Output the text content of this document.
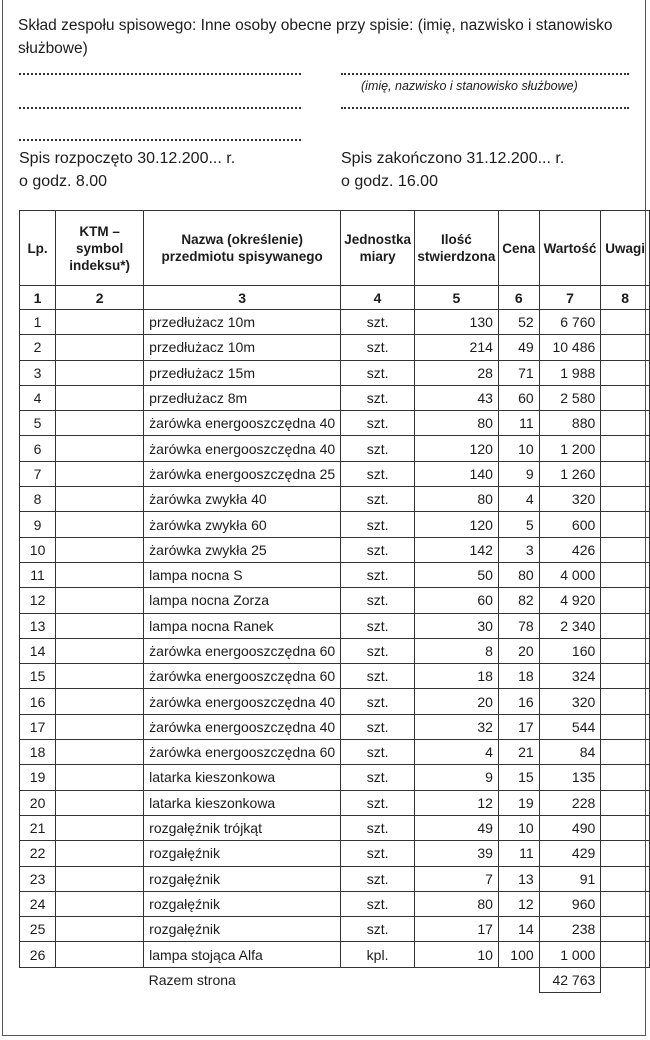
Skład zespołu spisowego: Inne osoby obecne przy spisie: (imię, nazwisko i stanowisko służbowe)
(imię, nazwisko i stanowisko służbowe)
Spis rozpoczęto 30.12.200... r.
o godz. 8.00
Spis zakończono 31.12.200... r.
o godz. 16.00
Lp.	KTM – symbol indeksu*)	Nazwa (określenie) przedmiotu spisywanego	Jednostka miary	Ilość stwierdzona	Cena	Wartość	Uwagi
1	2	3	4	5	6	7	8
1		przedłużacz 10m	szt.	130	52	6 760	
2		przedłużacz 10m	szt.	214	49	10 486	
3		przedłużacz 15m	szt.	28	71	1 988	
4		przedłużacz 8m	szt.	43	60	2 580	
5		żarówka energooszczędna 40	szt.	80	11	880	
6		żarówka energooszczędna 40	szt.	120	10	1 200	
7		żarówka energooszczędna 25	szt.	140	9	1 260	
8		żarówka zwykła 40	szt.	80	4	320	
9		żarówka zwykła 60	szt.	120	5	600	
10		żarówka zwykła 25	szt.	142	3	426	
11		lampa nocna S	szt.	50	80	4 000	
12		lampa nocna Zorza	szt.	60	82	4 920	
13		lampa nocna Ranek	szt.	30	78	2 340	
14		żarówka energooszczędna 60	szt.	8	20	160	
15		żarówka energooszczędna 60	szt.	18	18	324	
16		żarówka energooszczędna 40	szt.	20	16	320	
17		żarówka energooszczędna 40	szt.	32	17	544	
18		żarówka energooszczędna 60	szt.	4	21	84	
19		latarka kieszonkowa	szt.	9	15	135	
20		latarka kieszonkowa	szt.	12	19	228	
21		rozgałęźnik trójkąt	szt.	49	10	490	
22		rozgałęźnik	szt.	39	11	429	
23		rozgałęźnik	szt.	7	13	91	
24		rozgałęźnik	szt.	80	12	960	
25		rozgałęźnik	szt.	17	14	238	
26		lampa stojąca Alfa	kpl.	10	100	1 000	
		Razem strona				42 763	
